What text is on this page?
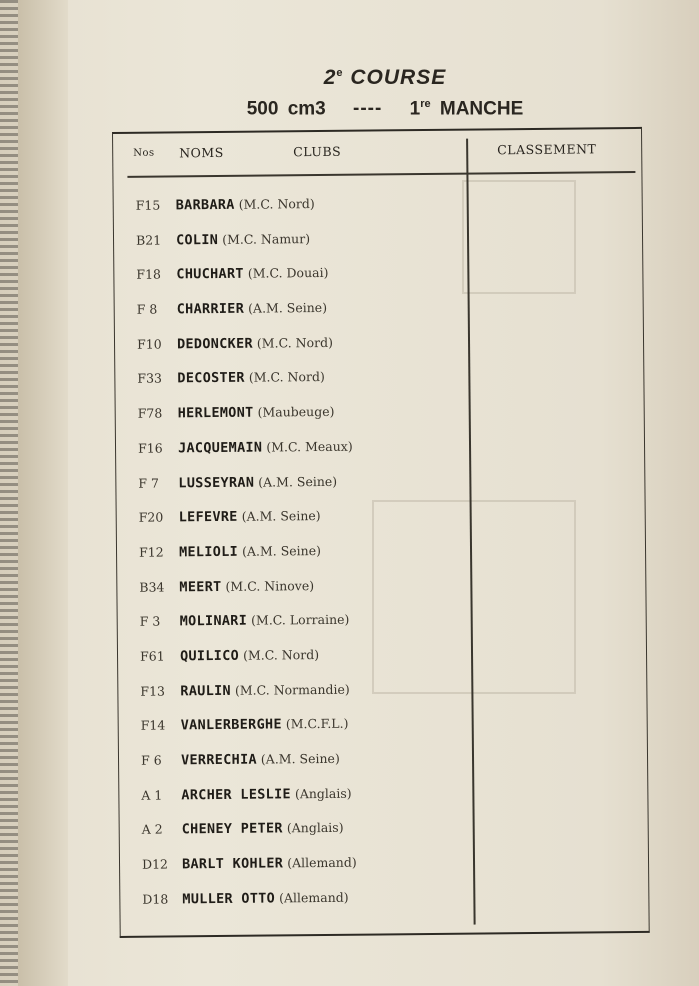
2e COURSE
500 cm3 ---- 1re MANCHE
Nos NOMS	CLUBS	CLASSEMENT
F15 BARBARA (M.C. Nord)
B21 COLIN (M.C. Namur)
F18 CHUCHART (M.C. Douai)
F 8 CHARRIER (A.M. Seine)
F10 DEDONCKER (M.C. Nord)
F33 DECOSTER (M.C. Nord)
F78 HERLEMONT (Maubeuge)
F16 JACQUEMAIN (M.C. Meaux)
F 7 LUSSEYRAN (A.M. Seine)
F20 LEFEVRE (A.M. Seine)
F12 MELIOLI (A.M. Seine)
B34 MEERT (M.C. Ninove)
F 3 MOLINARI (M.C. Lorraine)
F61 QUILICO (M.C. Nord)
F13 RAULIN (M.C. Normandie)
F14 VANLERBERGHE (M.C.F.L.)
F 6 VERRECHIA (A.M. Seine)
A 1 ARCHER LESLIE (Anglais)
A 2 CHENEY PETER (Anglais)
D12 BARLT KOHLER (Allemand)
D18 MULLER OTTO (Allemand)
